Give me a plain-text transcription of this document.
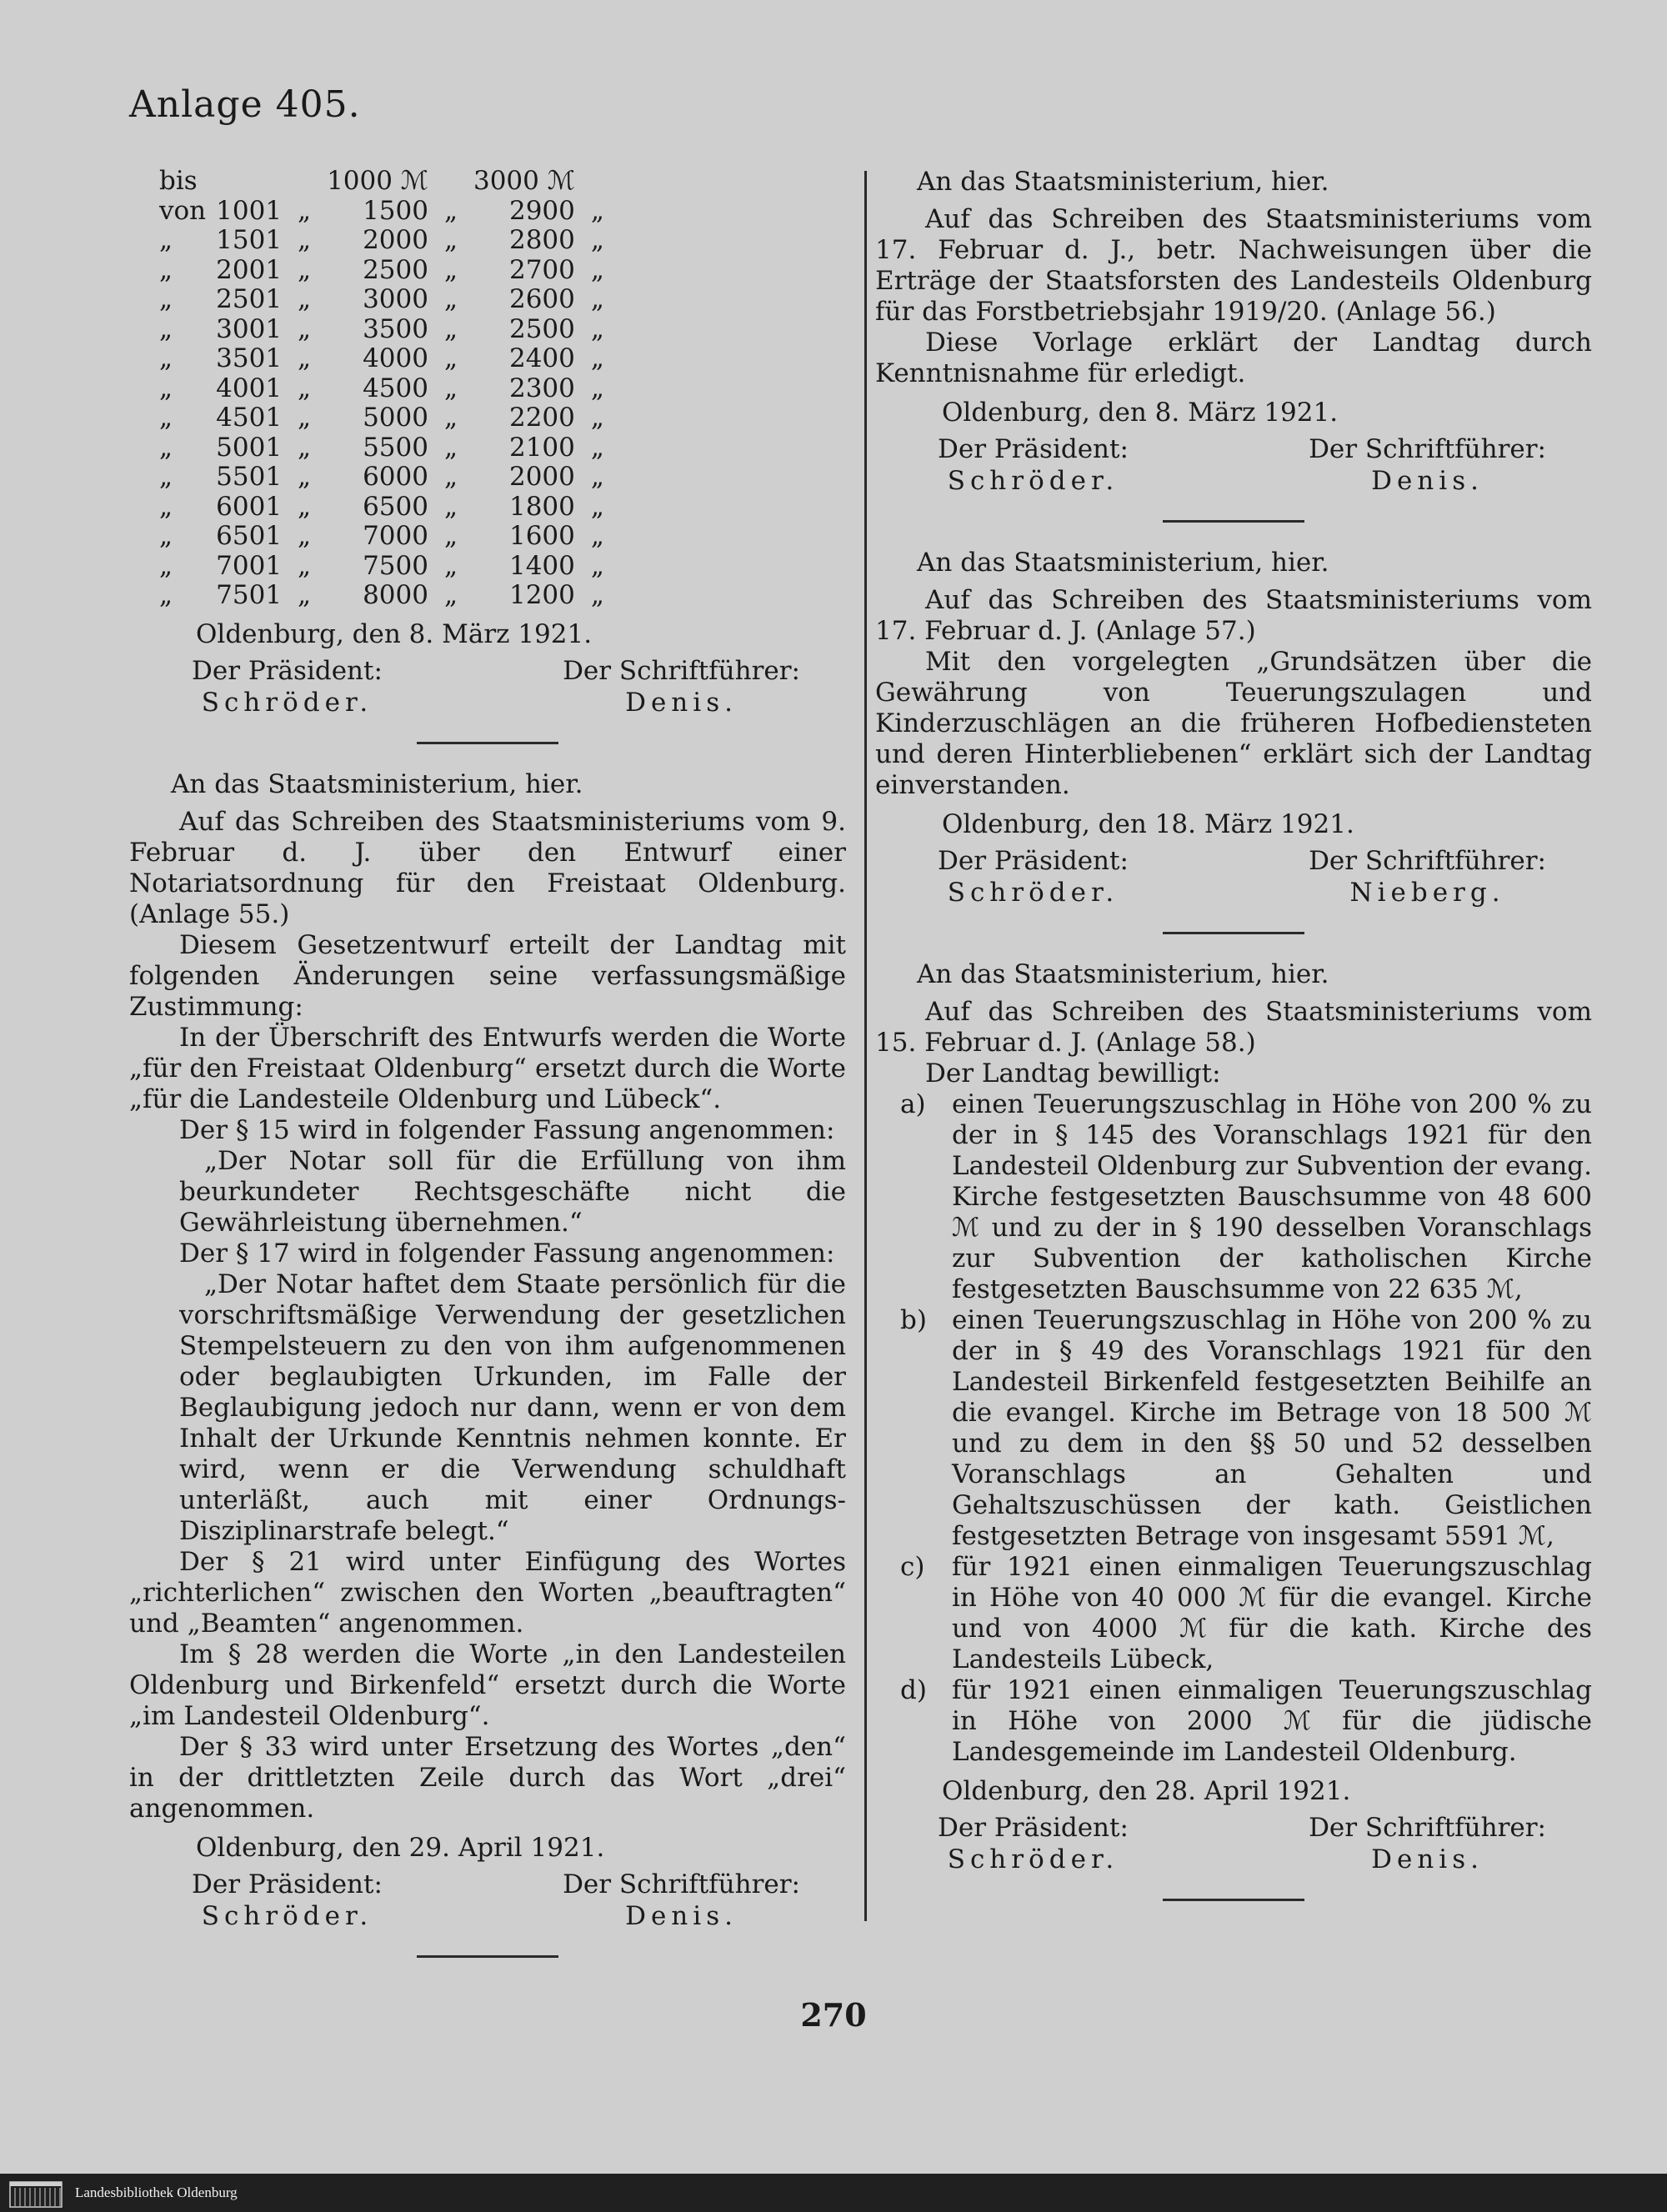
Anlage 405.
bis			1000 ℳ		3000 ℳ	
von	1001	„	1500	„	2900	„
„	1501	„	2000	„	2800	„
„	2001	„	2500	„	2700	„
„	2501	„	3000	„	2600	„
„	3001	„	3500	„	2500	„
„	3501	„	4000	„	2400	„
„	4001	„	4500	„	2300	„
„	4501	„	5000	„	2200	„
„	5001	„	5500	„	2100	„
„	5501	„	6000	„	2000	„
„	6001	„	6500	„	1800	„
„	6501	„	7000	„	1600	„
„	7001	„	7500	„	1400	„
„	7501	„	8000	„	1200	„

Oldenburg, den 8. März 1921.

Der Präsident:
Schröder.
Der Schriftführer:
Denis.

An das Staatsministerium, hier.

Auf das Schreiben des Staatsministeriums vom 9. Februar d. J. über den Entwurf einer Notariatsordnung für den Freistaat Oldenburg. (Anlage 55.)

Diesem Gesetzentwurf erteilt der Landtag mit folgenden Änderungen seine verfassungsmäßige Zustimmung:

In der Überschrift des Entwurfs werden die Worte „für den Freistaat Oldenburg“ ersetzt durch die Worte „für die Landesteile Oldenburg und Lübeck“.

Der § 15 wird in folgender Fassung angenommen:

„Der Notar soll für die Erfüllung von ihm beurkundeter Rechtsgeschäfte nicht die Gewährleistung übernehmen.“

Der § 17 wird in folgender Fassung angenommen:

„Der Notar haftet dem Staate persönlich für die vorschriftsmäßige Verwendung der gesetzlichen Stempelsteuern zu den von ihm aufgenommenen oder beglaubigten Urkunden, im Falle der Beglaubigung jedoch nur dann, wenn er von dem Inhalt der Urkunde Kenntnis nehmen konnte. Er wird, wenn er die Verwendung schuldhaft unterläßt, auch mit einer Ordnungs-Disziplinarstrafe belegt.“

Der § 21 wird unter Einfügung des Wortes „richterlichen“ zwischen den Worten „beauftragten“ und „Beamten“ angenommen.

Im § 28 werden die Worte „in den Landesteilen Oldenburg und Birkenfeld“ ersetzt durch die Worte „im Landesteil Oldenburg“.

Der § 33 wird unter Ersetzung des Wortes „den“ in der drittletzten Zeile durch das Wort „drei“ angenommen.

Oldenburg, den 29. April 1921.

Der Präsident:
Schröder.
Der Schriftführer:
Denis.

An das Staatsministerium, hier.

Auf das Schreiben des Staatsministeriums vom 17. Februar d. J., betr. Nachweisungen über die Erträge der Staatsforsten des Landesteils Oldenburg für das Forstbetriebsjahr 1919/20. (Anlage 56.)

Diese Vorlage erklärt der Landtag durch Kenntnisnahme für erledigt.

Oldenburg, den 8. März 1921.

Der Präsident:
Schröder.
Der Schriftführer:
Denis.

An das Staatsministerium, hier.

Auf das Schreiben des Staatsministeriums vom 17. Februar d. J. (Anlage 57.)

Mit den vorgelegten „Grundsätzen über die Gewährung von Teuerungszulagen und Kinderzuschlägen an die früheren Hofbediensteten und deren Hinterbliebenen“ erklärt sich der Landtag einverstanden.

Oldenburg, den 18. März 1921.

Der Präsident:
Schröder.
Der Schriftführer:
Nieberg.

An das Staatsministerium, hier.

Auf das Schreiben des Staatsministeriums vom 15. Februar d. J. (Anlage 58.)

Der Landtag bewilligt:

a)	einen Teuerungszuschlag in Höhe von 200 % zu der in § 145 des Voranschlags 1921 für den Landesteil Oldenburg zur Subvention der evang. Kirche festgesetzten Bauschsumme von 48 600 ℳ und zu der in § 190 desselben Voranschlags zur Subvention der katholischen Kirche festgesetzten Bauschsumme von 22 635 ℳ,
b) einen Teuerungszuschlag in Höhe von 200 % zu der in § 49 des Voranschlags 1921 für den Landesteil Birkenfeld festgesetzten Beihilfe an die evangel. Kirche im Betrage von 18 500 ℳ und zu dem in den §§ 50 und 52 desselben Voranschlags an Gehalten und Gehaltszuschüssen der kath. Geistlichen festgesetzten Betrage von insgesamt 5591 ℳ,
c)	für 1921 einen einmaligen Teuerungszuschlag in Höhe von 40 000 ℳ für die evangel. Kirche und von 4000 ℳ für die kath. Kirche des Landesteils Lübeck,
d) für 1921 einen einmaligen Teuerungszuschlag in Höhe von 2000 ℳ für die jüdische Landesgemeinde im Landesteil Oldenburg.

Oldenburg, den 28. April 1921.

Der Präsident:
Schröder.
Der Schriftführer:
Denis.
270
Landesbibliothek Oldenburg
